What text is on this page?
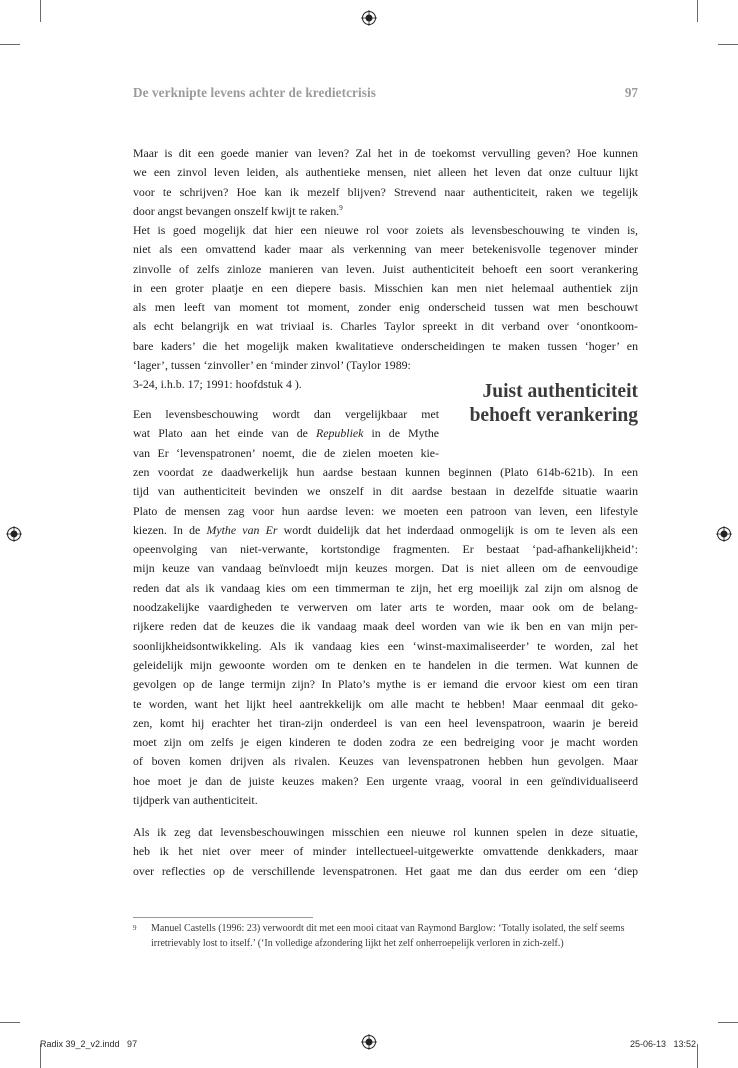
De verknipte levens achter de kredietcrisis	97
Maar is dit een goede manier van leven? Zal het in de toekomst vervulling geven? Hoe kunnen
we een zinvol leven leiden, als authentieke mensen, niet alleen het leven dat onze cultuur lijkt
voor te schrijven? Hoe kan ik mezelf blijven? Strevend naar authenticiteit, raken we tegelijk
door angst bevangen onszelf kwijt te raken.$^9$
Het is goed mogelijk dat hier een nieuwe rol voor zoiets als levensbeschouwing te vinden is,
niet als een omvattend kader maar als verkenning van meer betekenisvolle tegenover minder
zinvolle of zelfs zinloze manieren van leven. Juist authenticiteit behoeft een soort verankering
in een groter plaatje en een diepere basis. Misschien kan men niet helemaal authentiek zijn
als men leeft van moment tot moment, zonder enig onderscheid tussen wat men beschouwt
als echt belangrijk en wat triviaal is. Charles Taylor spreekt in dit verband over ‘onontkoom-
bare kaders’ die het mogelijk maken kwalitatieve onderscheidingen te maken tussen ‘hoger’ en
‘lager’, tussen ‘zinvoller’ en ‘minder zinvol’ (Taylor 1989:
3-24, i.h.b. 17; 1991: hoofdstuk 4 ).	Juist authenticiteit
behoeft verankering
Een levensbeschouwing wordt dan vergelijkbaar met
wat Plato aan het einde van de Republiek in de Mythe
van Er ‘levenspatronen’ noemt, die de zielen moeten kie-
zen voordat ze daadwerkelijk hun aardse bestaan kunnen beginnen (Plato 614b-621b). In een
tijd van authenticiteit bevinden we onszelf in dit aardse bestaan in dezelfde situatie waarin
Plato de mensen zag voor hun aardse leven: we moeten een patroon van leven, een lifestyle
kiezen. In de Mythe van Er wordt duidelijk dat het inderdaad onmogelijk is om te leven als een
opeenvolging van niet-verwante, kortstondige fragmenten. Er bestaat ‘pad-afhankelijkheid’:
mijn keuze van vandaag beïnvloedt mijn keuzes morgen. Dat is niet alleen om de eenvoudige
reden dat als ik vandaag kies om een timmerman te zijn, het erg moeilijk zal zijn om alsnog de
noodzakelijke vaardigheden te verwerven om later arts te worden, maar ook om de belang-
rijkere reden dat de keuzes die ik vandaag maak deel worden van wie ik ben en van mijn per-
soonlijkheidsontwikkeling. Als ik vandaag kies een ‘winst-maximaliseerder’ te worden, zal het
geleidelijk mijn gewoonte worden om te denken en te handelen in die termen. Wat kunnen de
gevolgen op de lange termijn zijn? In Plato’s mythe is er iemand die ervoor kiest om een tiran
te worden, want het lijkt heel aantrekkelijk om alle macht te hebben! Maar eenmaal dit geko-
zen, komt hij erachter het tiran-zijn onderdeel is van een heel levenspatroon, waarin je bereid
moet zijn om zelfs je eigen kinderen te doden zodra ze een bedreiging voor je macht worden
of boven komen drijven als rivalen. Keuzes van levenspatronen hebben hun gevolgen. Maar
hoe moet je dan de juiste keuzes maken? Een urgente vraag, vooral in een geïndividualiseerd
tijdperk van authenticiteit.
Als ik zeg dat levensbeschouwingen misschien een nieuwe rol kunnen spelen in deze situatie,
heb ik het niet over meer of minder intellectueel-uitgewerkte omvattende denkkaders, maar
over reflecties op de verschillende levenspatronen. Het gaat me dan dus eerder om een ‘diep
9 Manuel Castells (1996: 23) verwoordt dit met een mooi citaat van Raymond Barglow: ‘Totally isolated, the self seems irretrievably lost to itself.’ (‘In volledige afzondering lijkt het zelf onherroepelijk verloren in zich-zelf.)
Radix 39_2_v2.indd   97	25-06-13   13:52
